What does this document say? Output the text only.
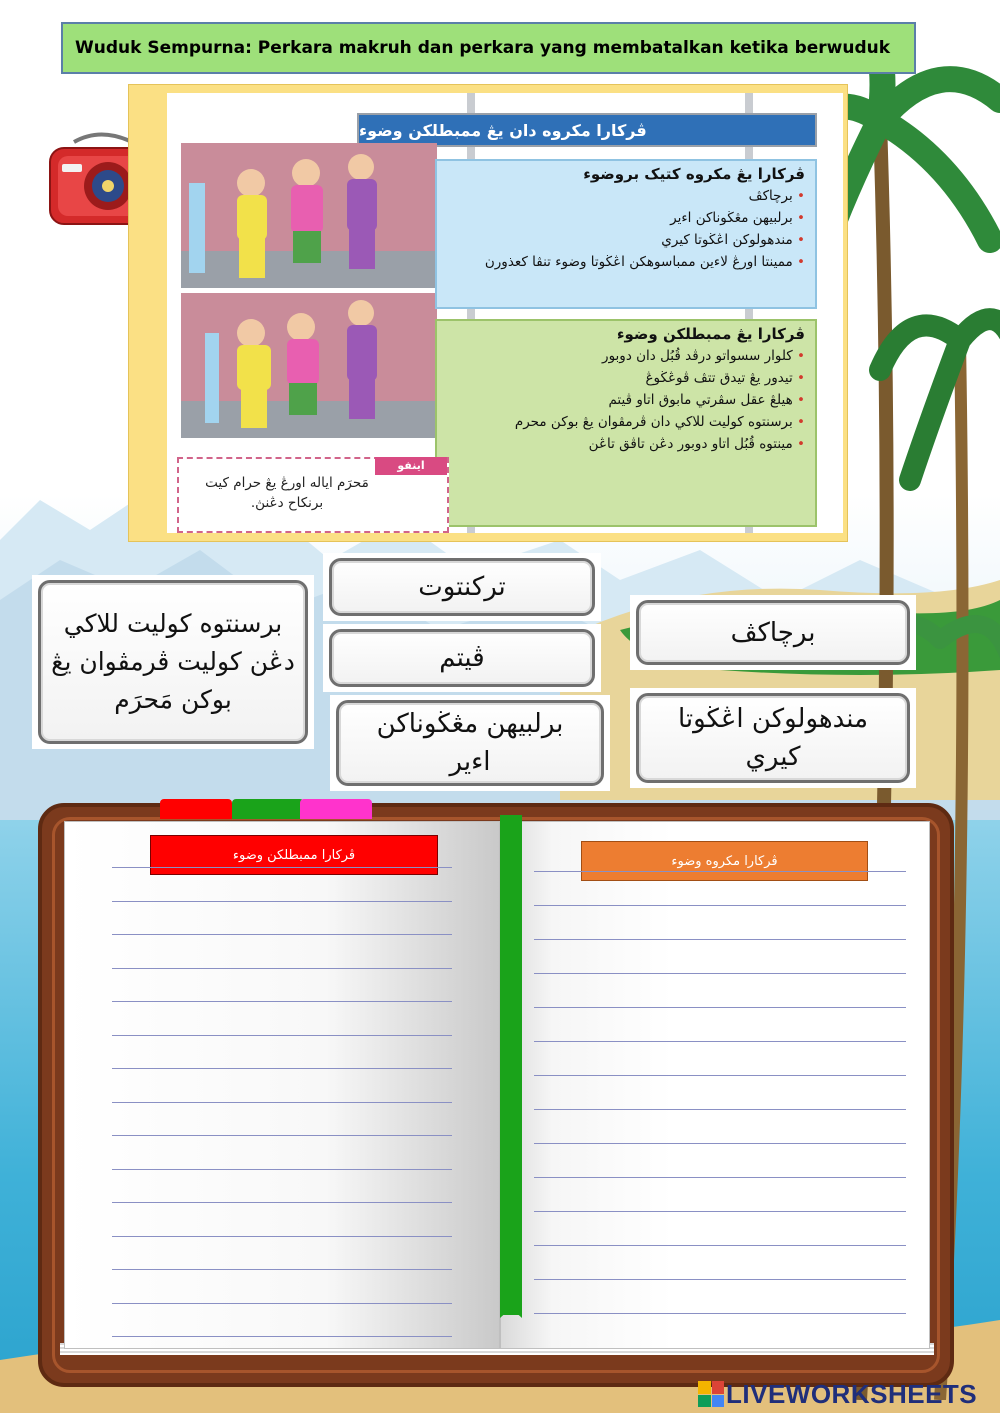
Wuduk Sempurna: Perkara makruh dan perkara yang membatalkan ketika berwuduk
ڤركارا مكروه دان يڠ ممبطلكن وضوء
ڤركارا يڠ مكروه كتيک بروضوء
• برچاكڤ
• برلبيهن مڠڬوناكن اءير
• مندهولوكن اڠڬوتا كيري
• ممينتا اورڠ لاءين ممباسوهكن اڠڬوتا وضوء تنڤا كعذورن
ڤركارا يڠ ممبطلكن وضوء
• كلوار سسواتو درڤد قُبُل دان دوبور
• تيدور يڠ تيدق تتڤ ڤوڠڬوڠ
• هيلڠ عقل سڤرتي مابوق اتاو ڤيتم
• برسنتوه كوليت للاكي دان ڤرمڤوان يڠ بوكن محرم
• مينتوه قُبُل اتاو دوبور دڠن تاڤق تاڠن
اينفو
مَحرَم اياله اورڠ يڠ حرام كيت برنكاح دڠنڽ.
برسنتوه كوليت للاكي دڠن كوليت ڤرمڤوان يڠ بوكن مَحرَم
تركنتوت
ڤيتم
برلبيهن مڠڬوناكن اءير
برچاكڤ
مندهولوكن اڠڬوتا كيري
ڤركارا ممبطلكن وضوء	ڤركارا مكروه وضوء
LIVEWORKSHEETS
